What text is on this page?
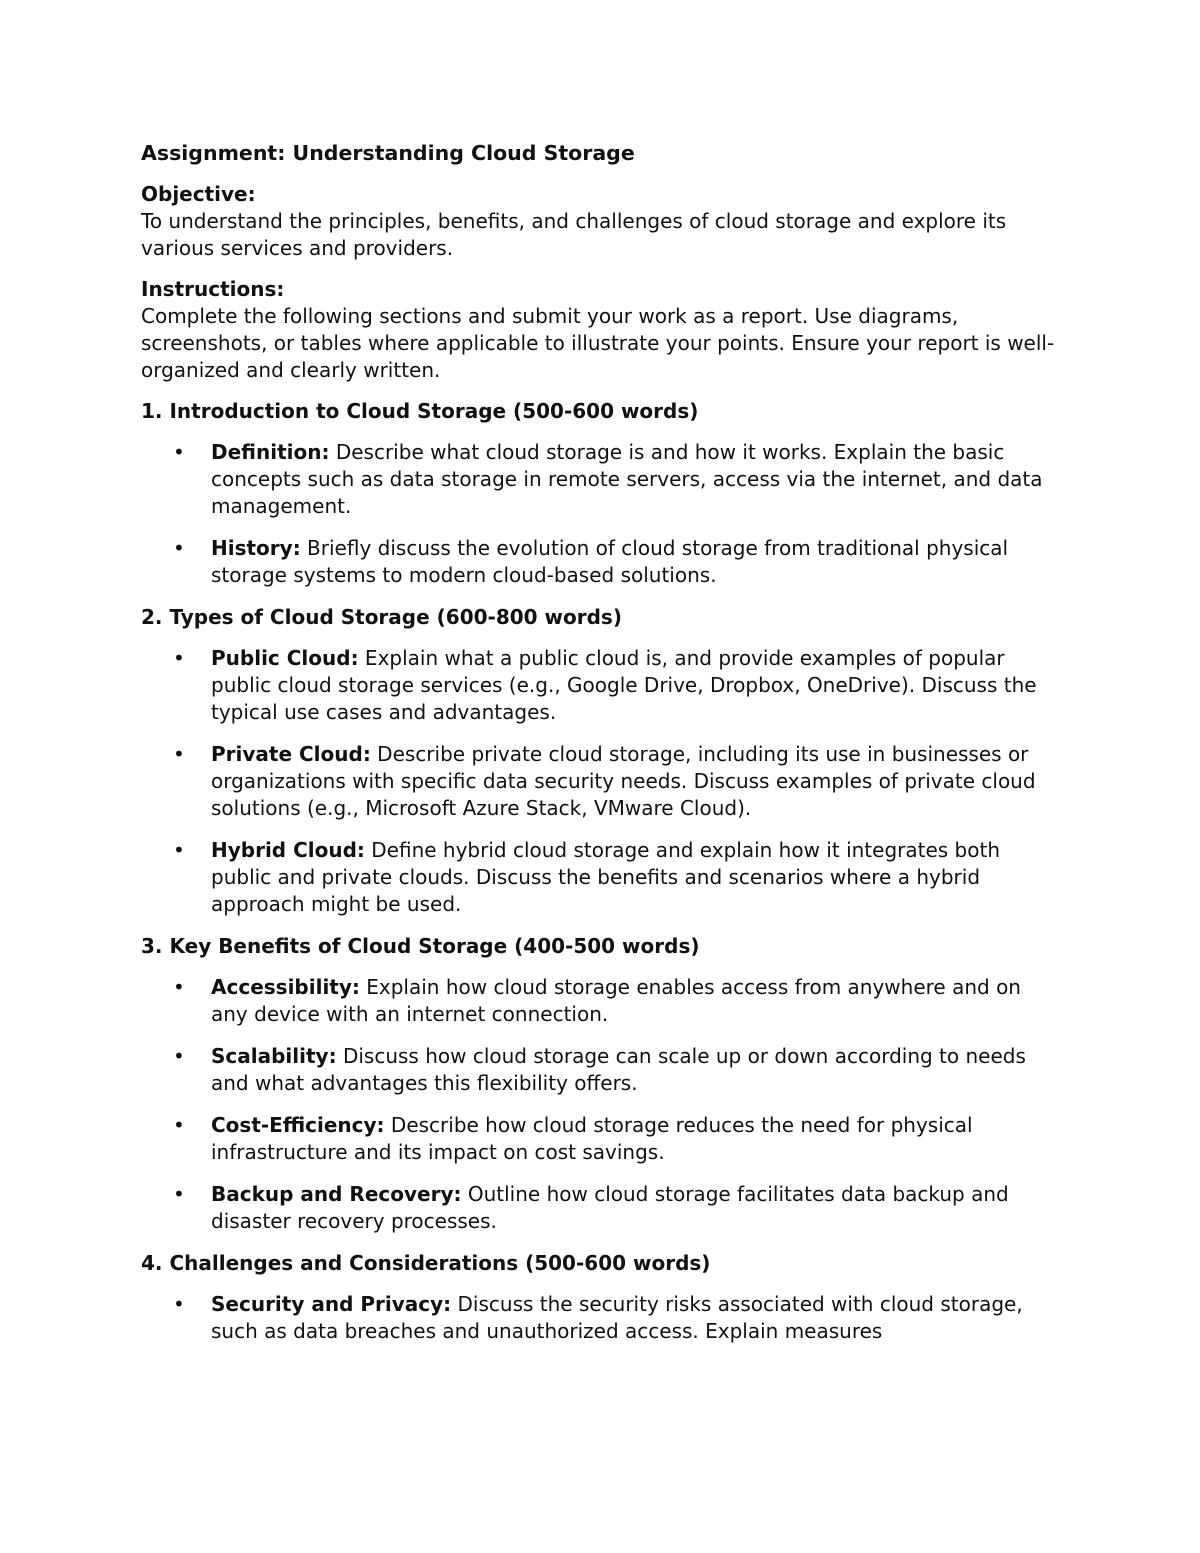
Assignment: Understanding Cloud Storage
Objective:
To understand the principles, benefits, and challenges of cloud storage and explore its various services and providers.
Instructions:
Complete the following sections and submit your work as a report. Use diagrams, screenshots, or tables where applicable to illustrate your points. Ensure your report is well-organized and clearly written.
1. Introduction to Cloud Storage (500-600 words)
• Definition: Describe what cloud storage is and how it works. Explain the basic concepts such as data storage in remote servers, access via the internet, and data management.
• History: Briefly discuss the evolution of cloud storage from traditional physical storage systems to modern cloud-based solutions.
2. Types of Cloud Storage (600-800 words)
• Public Cloud: Explain what a public cloud is, and provide examples of popular public cloud storage services (e.g., Google Drive, Dropbox, OneDrive). Discuss the typical use cases and advantages.
• Private Cloud: Describe private cloud storage, including its use in businesses or organizations with specific data security needs. Discuss examples of private cloud solutions (e.g., Microsoft Azure Stack, VMware Cloud).
• Hybrid Cloud: Define hybrid cloud storage and explain how it integrates both public and private clouds. Discuss the benefits and scenarios where a hybrid approach might be used.
3. Key Benefits of Cloud Storage (400-500 words)
• Accessibility: Explain how cloud storage enables access from anywhere and on any device with an internet connection.
• Scalability: Discuss how cloud storage can scale up or down according to needs and what advantages this flexibility offers.
• Cost-Efficiency: Describe how cloud storage reduces the need for physical infrastructure and its impact on cost savings.
• Backup and Recovery: Outline how cloud storage facilitates data backup and disaster recovery processes.
4. Challenges and Considerations (500-600 words)
• Security and Privacy: Discuss the security risks associated with cloud storage, such as data breaches and unauthorized access. Explain measures
